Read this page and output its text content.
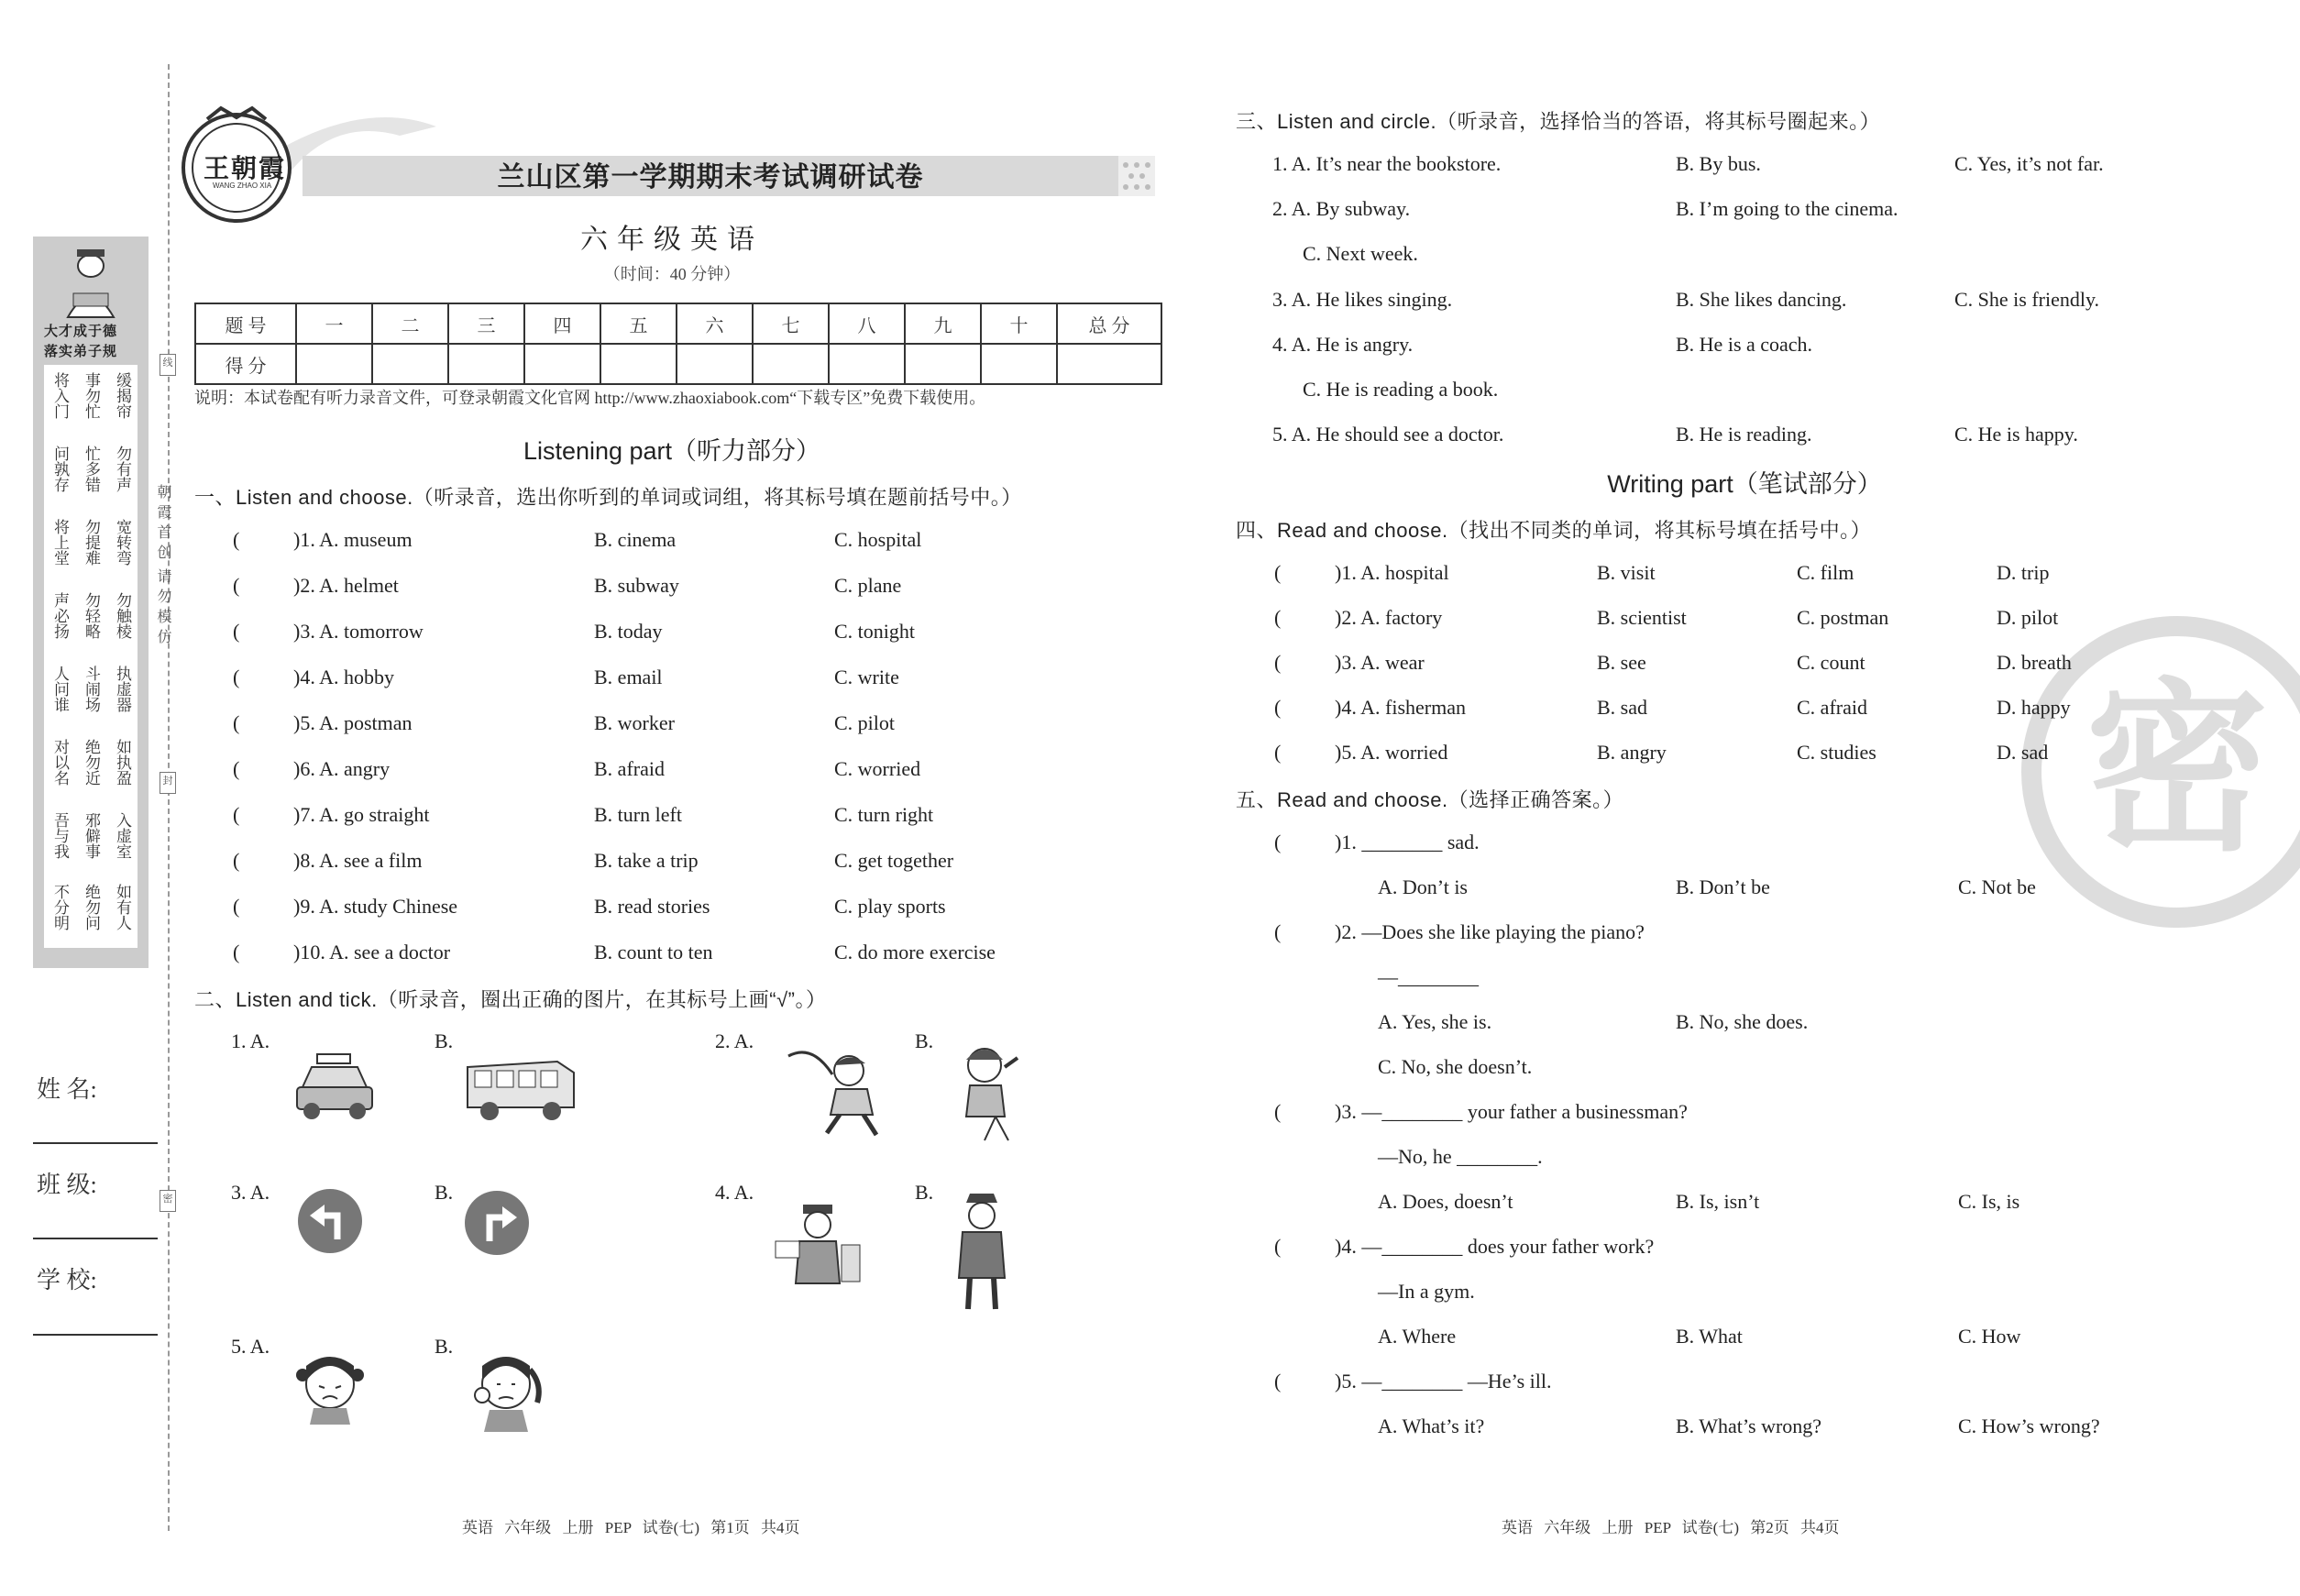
朝霞首创
请勿模仿
线
封
密
大才成于德
落实弟子规
将入门 事勿忙 缓揭帘
问孰存 忙多错 勿有声
将上堂 勿提难 宽转弯
声必扬 勿轻略 勿触棱
人问谁 斗闹场 执虚器
对以名 绝勿近 如执盈
吾与我 邪僻事 入虚室
不分明 绝勿问 如有人
姓 名:
班 级:
学 校:
王朝霞
WANG ZHAO XIA	兰山区第一学期期末考试调研试卷
六年级英语
（时间：40 分钟）
题 号	一	二	三	四	五	六	七	八	九	十	总 分
得 分											
说明：本试卷配有听力录音文件，可登录朝霞文化官网 http://www.zhaoxiabook.com“下载专区”免费下载使用。
Listening part（听力部分）
一、Listen and choose.（听录音，选出你听到的单词或词组，将其标号填在题前括号中。）
(	)1. A. museum	B. cinema	C. hospital
(	)2. A. helmet	B. subway	C. plane
(	)3. A. tomorrow	B. today	C. tonight
(	)4. A. hobby	B. email	C. write
(	)5. A. postman	B. worker	C. pilot
(	)6. A. angry	B. afraid	C. worried
(	)7. A. go straight	B. turn left	C. turn right
(	)8. A. see a film	B. take a trip	C. get together
(	)9. A. study Chinese	B. read stories	C. play sports
(	)10. A. see a doctor	B. count to ten	C. do more exercise
二、Listen and tick.（听录音，圈出正确的图片，在其标号上画“√”。）
1. A.	B.	2. A.	B.
3. A.	B.	4. A.	B.
5. A.	B.
英语 六年级 上册 PEP 试卷(七) 第1页 共4页
密
三、Listen and circle.（听录音，选择恰当的答语，将其标号圈起来。）
1. A. It’s near the bookstore.	B. By bus.	C. Yes, it’s not far.
2. A. By subway.	B. I’m going to the cinema.
C. Next week.
3. A. He likes singing.	B. She likes dancing.	C. She is friendly.
4. A. He is angry.	B. He is a coach.
C. He is reading a book.
5. A. He should see a doctor.	B. He is reading.	C. He is happy.
Writing part（笔试部分）
四、Read and choose.（找出不同类的单词，将其标号填在括号中。）
(	)1. A. hospital	B. visit	C. film	D. trip
(	)2. A. factory	B. scientist	C. postman	D. pilot
(	)3. A. wear	B. see	C. count	D. breath
(	)4. A. fisherman	B. sad	C. afraid	D. happy
(	)5. A. worried	B. angry	C. studies	D. sad
五、Read and choose.（选择正确答案。）
(	)1. ________ sad.
A. Don’t is	B. Don’t be	C. Not be
(	)2. —Does she like playing the piano?
—________
A. Yes, she is.	B. No, she does.
C. No, she doesn’t.
(	)3. —________ your father a businessman?
—No, he ________.
A. Does, doesn’t	B. Is, isn’t	C. Is, is
(	)4. —________ does your father work?
—In a gym.
A. Where	B. What	C. How
(	)5. —________ —He’s ill.
A. What’s it?	B. What’s wrong?	C. How’s wrong?
英语 六年级 上册 PEP 试卷(七) 第2页 共4页
